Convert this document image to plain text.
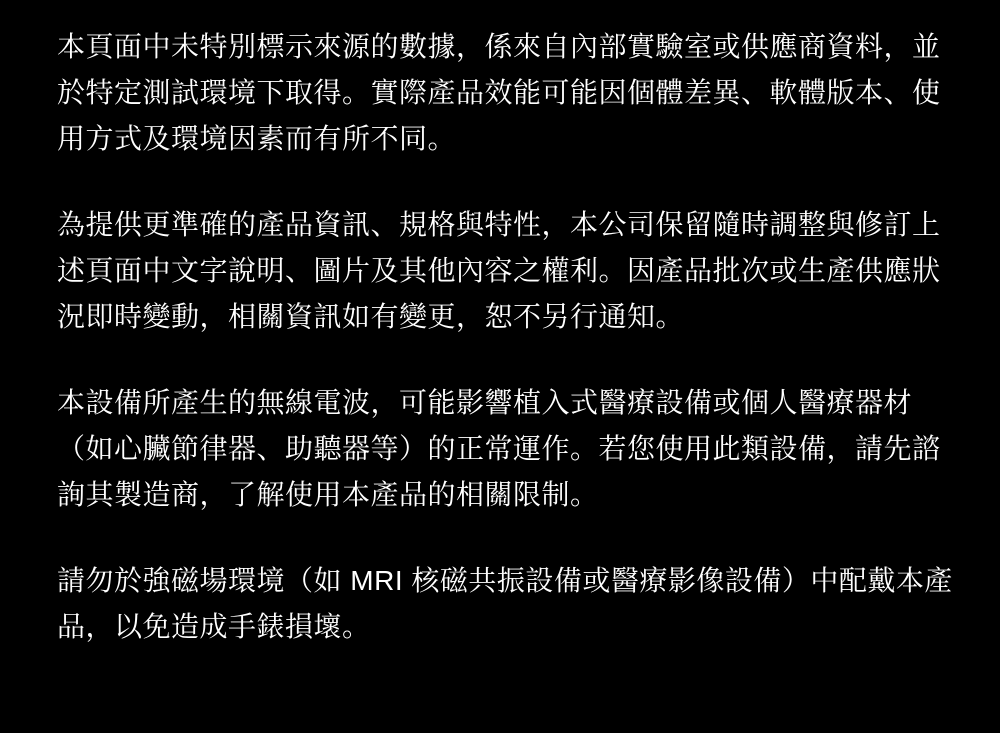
本頁面中未特別標示來源的數據，係來自內部實驗室或供應商資料，並於特定測試環境下取得。實際產品效能可能因個體差異、軟體版本、使用方式及環境因素而有所不同。

為提供更準確的產品資訊、規格與特性，本公司保留隨時調整與修訂上述頁面中文字說明、圖片及其他內容之權利。因產品批次或生產供應狀況即時變動，相關資訊如有變更，恕不另行通知。

本設備所產生的無線電波，可能影響植入式醫療設備或個人醫療器材（如心臟節律器、助聽器等）的正常運作。若您使用此類設備，請先諮詢其製造商，了解使用本產品的相關限制。

請勿於強磁場環境（如 MRI 核磁共振設備或醫療影像設備）中配戴本產品，以免造成手錶損壞。
